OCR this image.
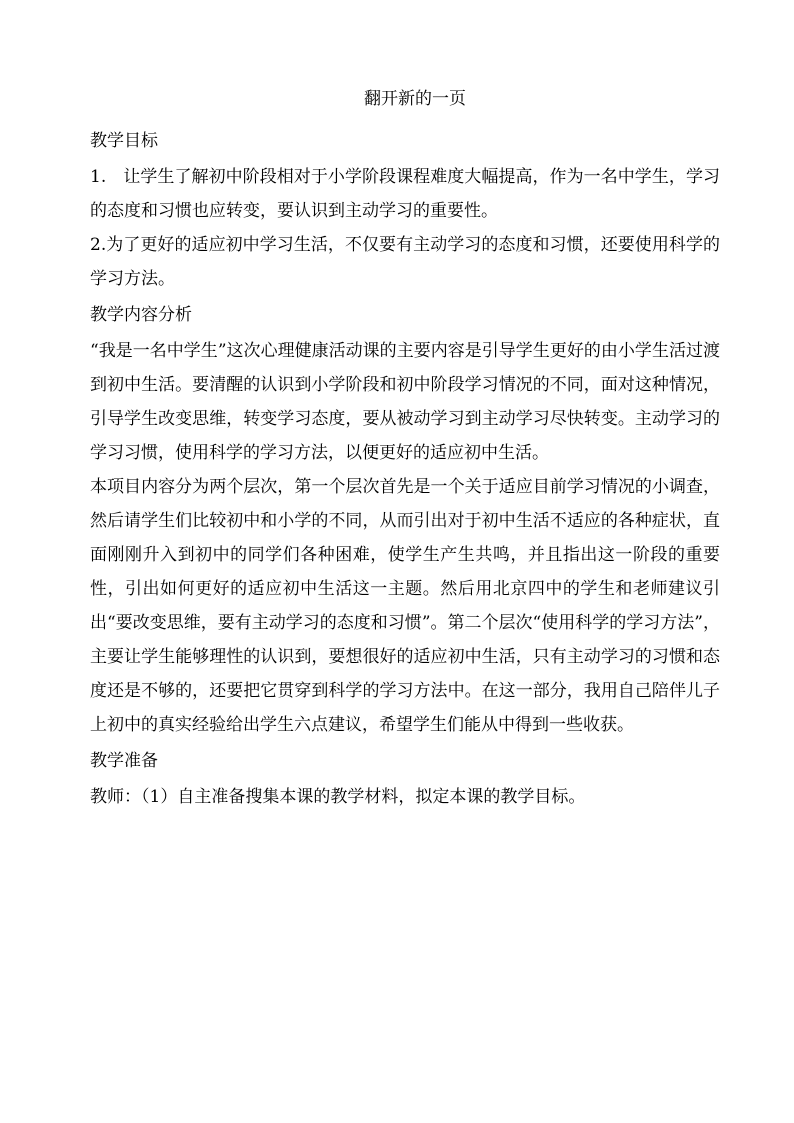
翻开新的一页
教学目标
1.　让学生了解初中阶段相对于小学阶段课程难度大幅提高，作为一名中学生，学习的态度和习惯也应转变，要认识到主动学习的重要性。
2.为了更好的适应初中学习生活，不仅要有主动学习的态度和习惯，还要使用科学的学习方法。
教学内容分析
“我是一名中学生”这次心理健康活动课的主要内容是引导学生更好的由小学生活过渡到初中生活。要清醒的认识到小学阶段和初中阶段学习情况的不同，面对这种情况，引导学生改变思维，转变学习态度，要从被动学习到主动学习尽快转变。主动学习的学习习惯，使用科学的学习方法，以便更好的适应初中生活。
本项目内容分为两个层次，第一个层次首先是一个关于适应目前学习情况的小调查，然后请学生们比较初中和小学的不同，从而引出对于初中生活不适应的各种症状，直面刚刚升入到初中的同学们各种困难，使学生产生共鸣，并且指出这一阶段的重要性，引出如何更好的适应初中生活这一主题。然后用北京四中的学生和老师建议引出“要改变思维，要有主动学习的态度和习惯”。第二个层次“使用科学的学习方法”，主要让学生能够理性的认识到，要想很好的适应初中生活，只有主动学习的习惯和态度还是不够的，还要把它贯穿到科学的学习方法中。在这一部分，我用自己陪伴儿子上初中的真实经验给出学生六点建议，希望学生们能从中得到一些收获。
教学准备
教师：（1）自主准备搜集本课的教学材料，拟定本课的教学目标。
